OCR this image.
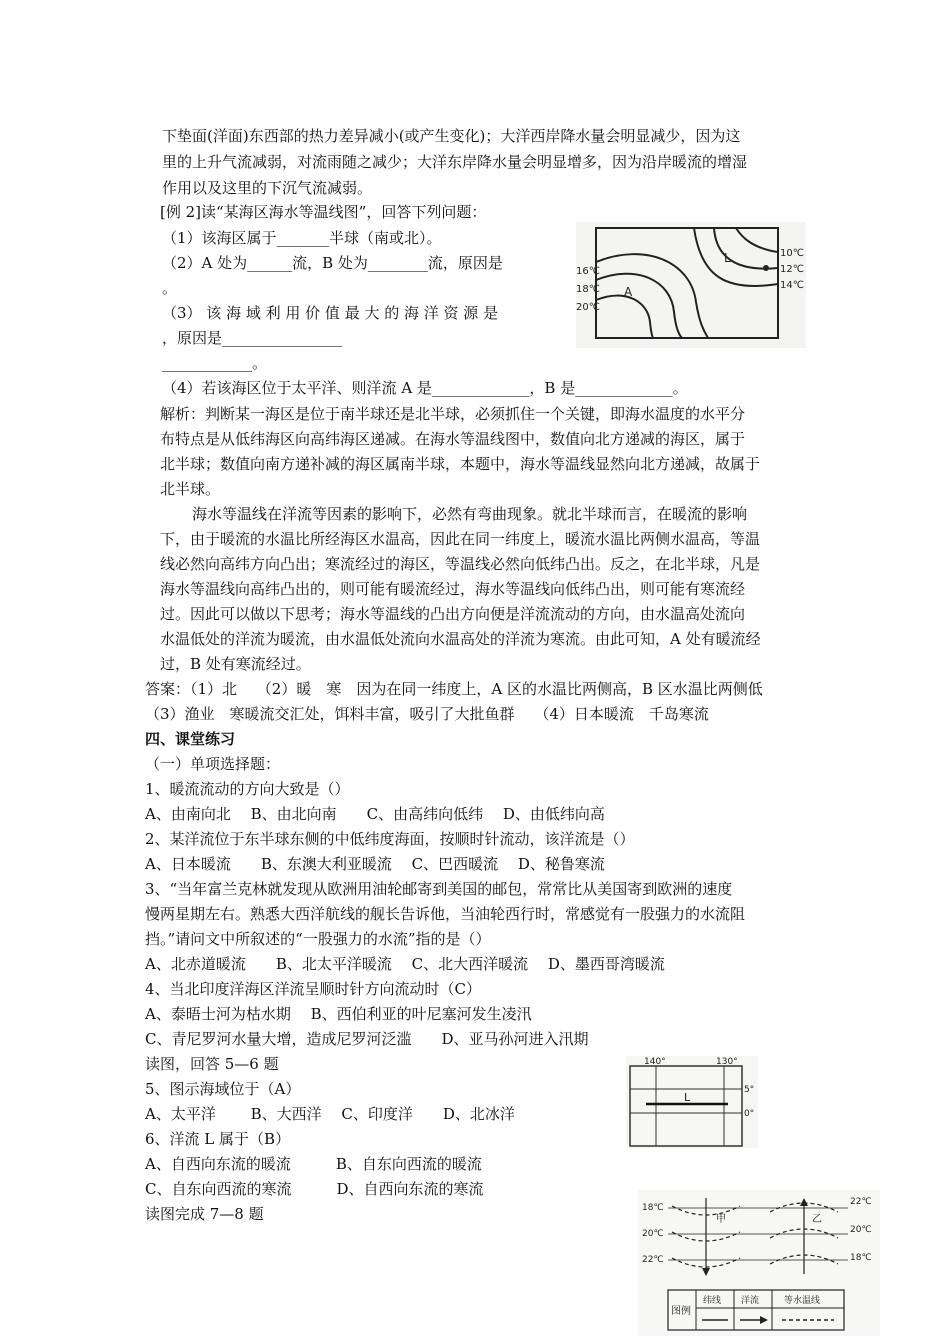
下垫面(洋面)东西部的热力差异减小(或产生变化)；大洋西岸降水量会明显减少，因为这
里的上升气流减弱，对流雨随之减少；大洋东岸降水量会明显增多，因为沿岸暖流的增湿
作用以及这里的下沉气流减弱。
[例 2]读“某海区海水等温线图”，回答下列问题：
（1）该海区属于_______半球（南或北）。
（2）A 处为______流，B 处为________流，原因是
。
（3） 该 海 域 利 用 价 值 最 大 的 海 洋 资 源 是
，原因是________________
____________。
（4）若该海区位于太平洋、则洋流 A 是_____________，B 是_____________。
解析：判断某一海区是位于南半球还是北半球，必须抓住一个关键，即海水温度的水平分
布特点是从低纬海区向高纬海区递减。在海水等温线图中，数值向北方递减的海区，属于
北半球；数值向南方递补减的海区属南半球，本题中，海水等温线显然向北方递减，故属于
北半球。
海水等温线在洋流等因素的影响下，必然有弯曲现象。就北半球而言，在暖流的影响
下，由于暖流的水温比所经海区水温高，因此在同一纬度上，暖流水温比两侧水温高，等温
线必然向高纬方向凸出；寒流经过的海区，等温线必然向低纬凸出。反之，在北半球，凡是
海水等温线向高纬凸出的，则可能有暖流经过，海水等温线向低纬凸出，则可能有寒流经
过。因此可以做以下思考；海水等温线的凸出方向便是洋流流动的方向，由水温高处流向
水温低处的洋流为暖流，由水温低处流向水温高处的洋流为寒流。由此可知，A 处有暖流经
过，B 处有寒流经过。
答案：（1）北　 （2）暖　寒　因为在同一纬度上，A 区的水温比两侧高，B 区水温比两侧低
（3）渔业　寒暖流交汇处，饵料丰富，吸引了大批鱼群　 （4）日本暖流　千岛寒流
四、课堂练习
（一）单项选择题：
1、暖流流动的方向大致是（）
A、由南向北　 B、由北向南　　C、由高纬向低纬　 D、由低纬向高
2、某洋流位于东半球东侧的中低纬度海面，按顺时针流动，该洋流是（）
A、日本暖流　　B、东澳大利亚暖流　 C、巴西暖流　 D、秘鲁寒流
3、“当年富兰克林就发现从欧洲用油轮邮寄到美国的邮包，常常比从美国寄到欧洲的速度
慢两星期左右。熟悉大西洋航线的舰长告诉他，当油轮西行时，常感觉有一股强力的水流阻
挡。”请问文中所叙述的“一股强力的水流”指的是（）
A、北赤道暖流　　B、北太平洋暖流　 C、北大西洋暖流　 D、墨西哥湾暖流
4、当北印度洋海区洋流呈顺时针方向流动时（C）
A、泰晤士河为枯水期　 B、西伯利亚的叶尼塞河发生凌汛
C、青尼罗河水量大增，造成尼罗河泛滥　　D、亚马孙河进入汛期
读图，回答 5—6 题
5、图示海域位于（A）
A、太平洋　　 B、大西洋　 C、印度洋　　D、北冰洋
6、洋流 L 属于（B）
A、自西向东流的暖流　　　B、自东向西流的暖流
C、自东向西流的寒流　　　D、自西向东流的寒流
读图完成 7—8 题
L
A
16℃
18℃
20℃
10℃
12℃
14℃
L
140°	130°
5°
0°
甲	乙
18℃
20℃
22℃
22℃
20℃
18℃
图例
纬线 洋流	等水温线
